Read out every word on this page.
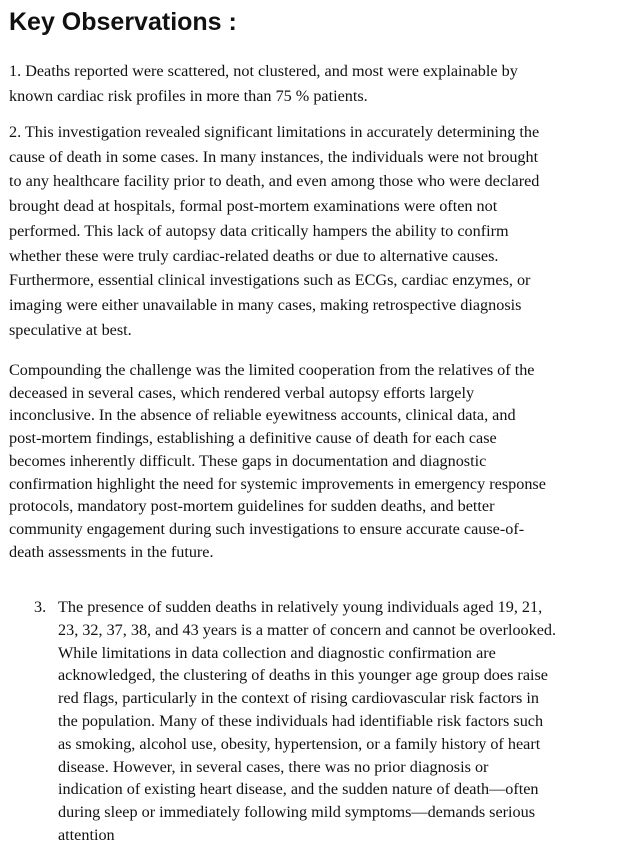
Key Observations :

1. Deaths reported were scattered, not clustered, and most were explainable by
known cardiac risk profiles in more than 75 % patients.

2. This investigation revealed significant limitations in accurately determining the
cause of death in some cases. In many instances, the individuals were not brought
to any healthcare facility prior to death, and even among those who were declared
brought dead at hospitals, formal post-mortem examinations were often not
performed. This lack of autopsy data critically hampers the ability to confirm
whether these were truly cardiac-related deaths or due to alternative causes.
Furthermore, essential clinical investigations such as ECGs, cardiac enzymes, or
imaging were either unavailable in many cases, making retrospective diagnosis
speculative at best.

Compounding the challenge was the limited cooperation from the relatives of the
deceased in several cases, which rendered verbal autopsy efforts largely
inconclusive. In the absence of reliable eyewitness accounts, clinical data, and
post-mortem findings, establishing a definitive cause of death for each case
becomes inherently difficult. These gaps in documentation and diagnostic
confirmation highlight the need for systemic improvements in emergency response
protocols, mandatory post-mortem guidelines for sudden deaths, and better
community engagement during such investigations to ensure accurate cause-of-
death assessments in the future.

3. The presence of sudden deaths in relatively young individuals aged 19, 21,
23, 32, 37, 38, and 43 years is a matter of concern and cannot be overlooked.
While limitations in data collection and diagnostic confirmation are
acknowledged, the clustering of deaths in this younger age group does raise
red flags, particularly in the context of rising cardiovascular risk factors in
the population. Many of these individuals had identifiable risk factors such
as smoking, alcohol use, obesity, hypertension, or a family history of heart
disease. However, in several cases, there was no prior diagnosis or
indication of existing heart disease, and the sudden nature of death—often
during sleep or immediately following mild symptoms—demands serious
attention
